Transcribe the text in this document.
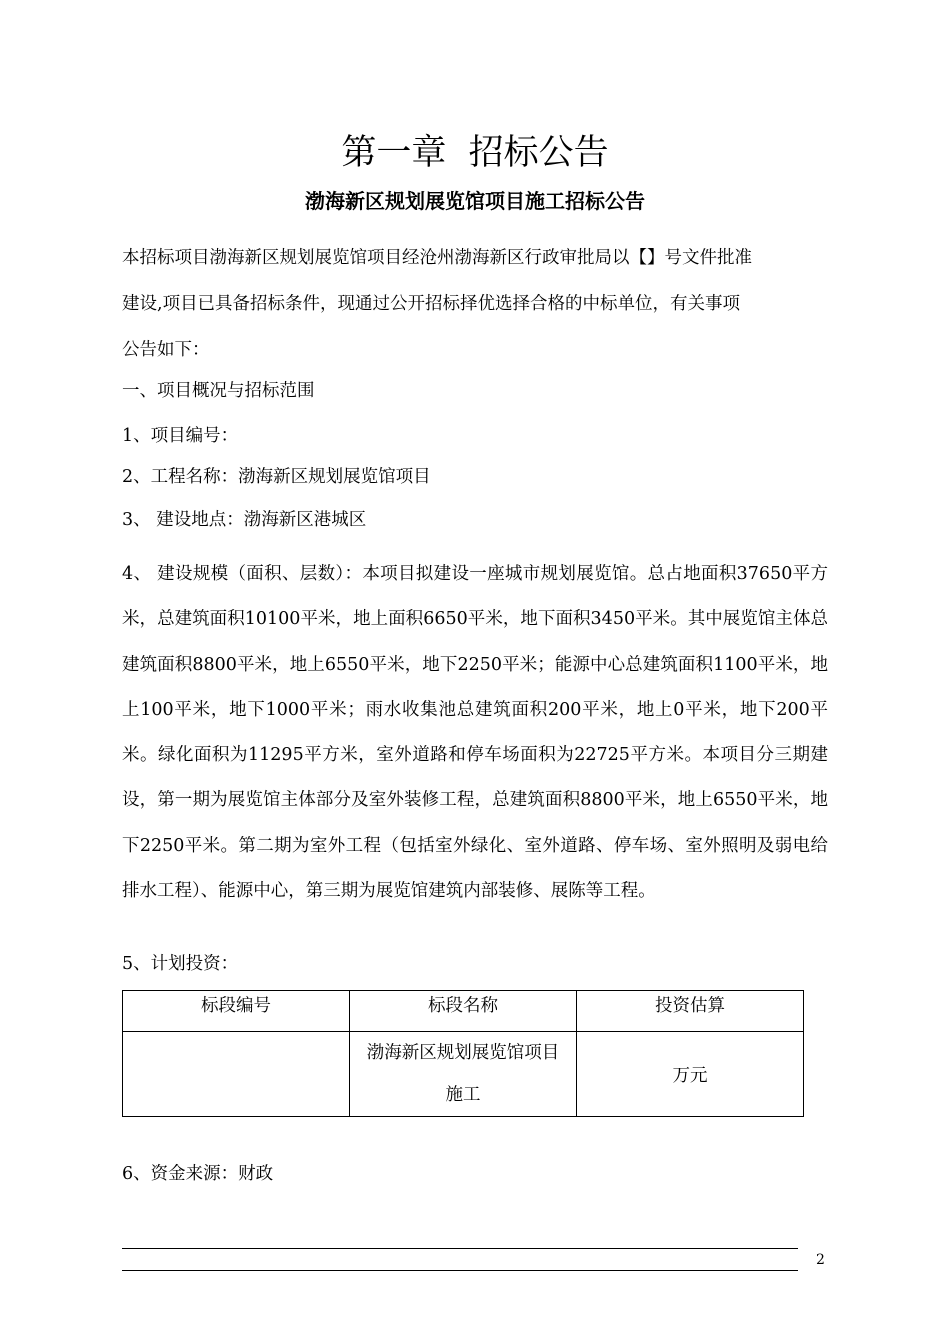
第一章  招标公告
渤海新区规划展览馆项目施工招标公告
本招标项目渤海新区规划展览馆项目经沧州渤海新区行政审批局以【】号文件批准
建设,项目已具备招标条件，现通过公开招标择优选择合格的中标单位，有关事项
公告如下：
一、项目概况与招标范围
1、项目编号：
2、工程名称：渤海新区规划展览馆项目
3、 建设地点：渤海新区港城区
4、 建设规模（面积、层数）：本项目拟建设一座城市规划展览馆。总占地面积37650平方米，总建筑面积10100平米，地上面积6650平米，地下面积3450平米。其中展览馆主体总建筑面积8800平米，地上6550平米，地下2250平米；能源中心总建筑面积1100平米，地上100平米，地下1000平米；雨水收集池总建筑面积200平米，地上0平米，地下200平米。绿化面积为11295平方米，室外道路和停车场面积为22725平方米。本项目分三期建设，第一期为展览馆主体部分及室外装修工程，总建筑面积8800平米，地上6550平米，地下2250平米。第二期为室外工程（包括室外绿化、室外道路、停车场、室外照明及弱电给排水工程）、能源中心，第三期为展览馆建筑内部装修、展陈等工程。
5、计划投资：
标段编号	标段名称	投资估算
	渤海新区规划展览馆项目施工	万元
6、资金来源：财政
2
